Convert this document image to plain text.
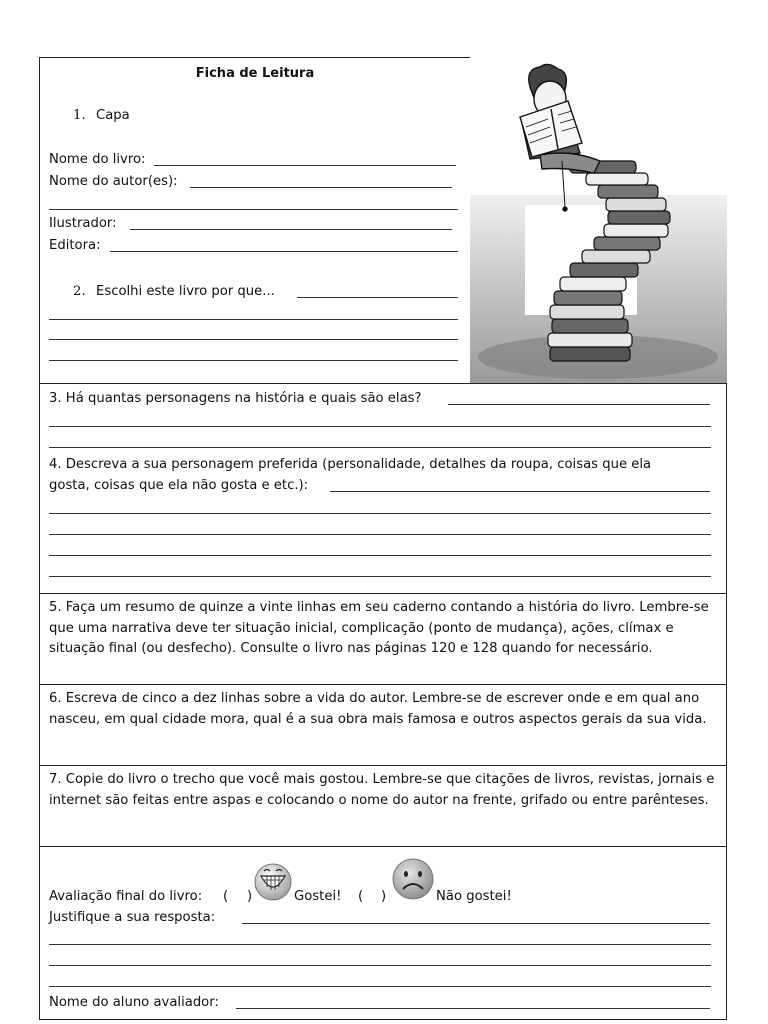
Ficha de Leitura
1. Capa
Nome do livro:
Nome do autor(es):
Ilustrador:
Editora:
2. Escolhi este livro por que...
3. Há quantas personagens na história e quais são elas?
4. Descreva a sua personagem preferida (personalidade, detalhes da roupa, coisas que ela
gosta, coisas que ela não gosta e etc.):
5. Faça um resumo de quinze a vinte linhas em seu caderno contando a história do livro. Lembre-se que uma narrativa deve ter situação inicial, complicação (ponto de mudança), ações, clímax e situação final (ou desfecho). Consulte o livro nas páginas 120 e 128 quando for necessário.
6. Escreva de cinco a dez linhas sobre a vida do autor. Lembre-se de escrever onde e em qual ano nasceu, em qual cidade mora, qual é a sua obra mais famosa e outros aspectos gerais da sua vida.
7. Copie do livro o trecho que você mais gostou. Lembre-se que citações de livros, revistas, jornais e internet são feitas entre aspas e colocando o nome do autor na frente, grifado ou entre parênteses.
Avaliação final do livro: ( )	Gostei! ( )	Não gostei!
Justifique a sua resposta:
Nome do aluno avaliador:
